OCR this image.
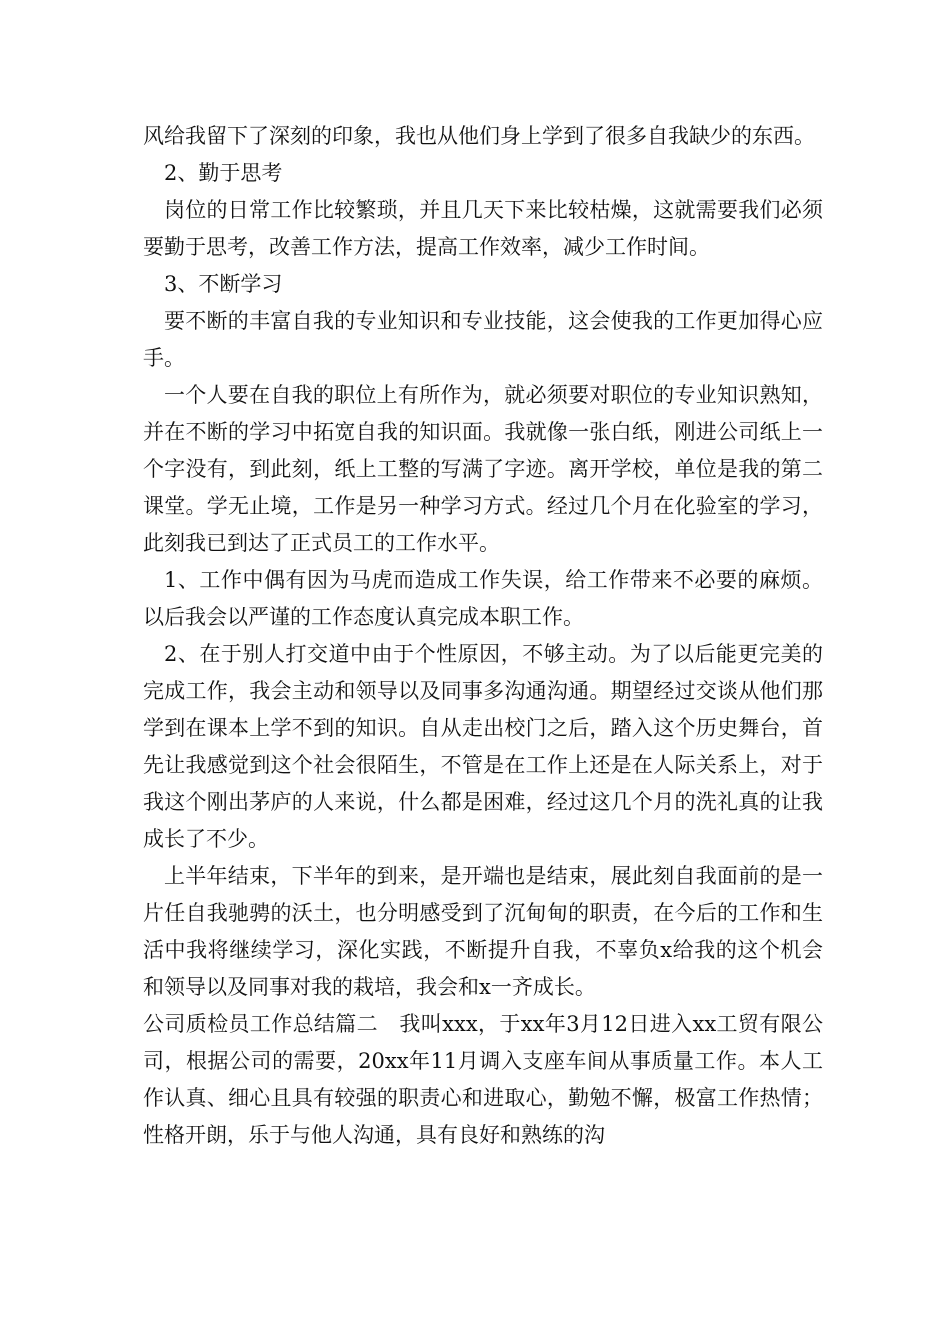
风给我留下了深刻的印象，我也从他们身上学到了很多自我缺少的东西。

2、勤于思考

岗位的日常工作比较繁琐，并且几天下来比较枯燥，这就需要我们必须要勤于思考，改善工作方法，提高工作效率，减少工作时间。

3、不断学习

要不断的丰富自我的专业知识和专业技能，这会使我的工作更加得心应手。

一个人要在自我的职位上有所作为，就必须要对职位的专业知识熟知，并在不断的学习中拓宽自我的知识面。我就像一张白纸，刚进公司纸上一个字没有，到此刻，纸上工整的写满了字迹。离开学校，单位是我的第二课堂。学无止境，工作是另一种学习方式。经过几个月在化验室的学习，此刻我已到达了正式员工的工作水平。

1、工作中偶有因为马虎而造成工作失误，给工作带来不必要的麻烦。以后我会以严谨的工作态度认真完成本职工作。

2、在于别人打交道中由于个性原因，不够主动。为了以后能更完美的完成工作，我会主动和领导以及同事多沟通沟通。期望经过交谈从他们那学到在课本上学不到的知识。自从走出校门之后，踏入这个历史舞台，首先让我感觉到这个社会很陌生，不管是在工作上还是在人际关系上，对于我这个刚出茅庐的人来说，什么都是困难，经过这几个月的洗礼真的让我成长了不少。

上半年结束，下半年的到来，是开端也是结束，展此刻自我面前的是一片任自我驰骋的沃土，也分明感受到了沉甸甸的职责，在今后的工作和生活中我将继续学习，深化实践，不断提升自我，不辜负x给我的这个机会和领导以及同事对我的栽培，我会和x一齐成长。

公司质检员工作总结篇二　我叫xxx，于xx年3月12日进入xx工贸有限公司，根据公司的需要，20xx年11月调入支座车间从事质量工作。本人工作认真、细心且具有较强的职责心和进取心，勤勉不懈，极富工作热情；性格开朗，乐于与他人沟通，具有良好和熟练的沟
